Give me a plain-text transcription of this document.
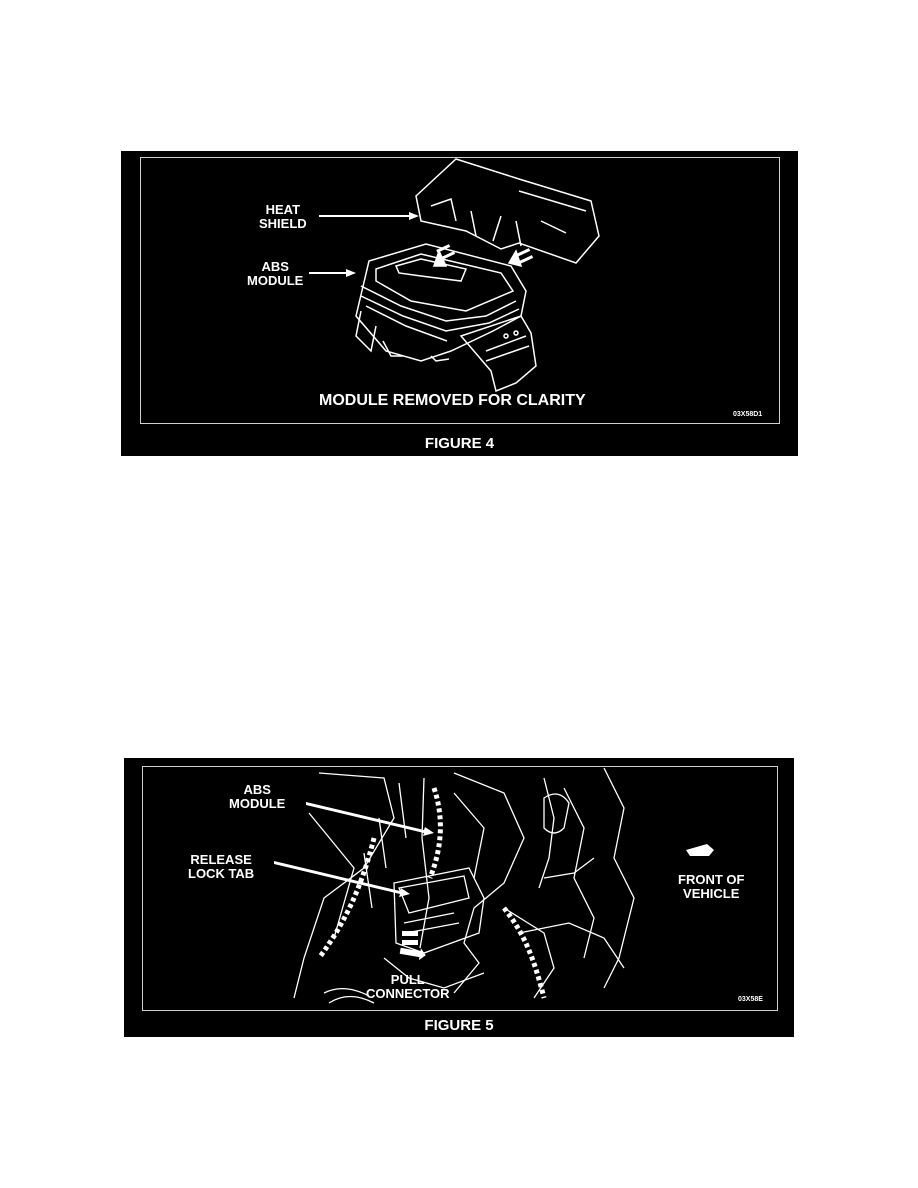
HEAT
SHIELD
ABS
MODULE
MODULE REMOVED FOR CLARITY
03X58D1
FIGURE 4
ABS
MODULE
RELEASE
LOCK TAB
PULL
CONNECTOR
FRONT OF
VEHICLE
03X58E
FIGURE 5
